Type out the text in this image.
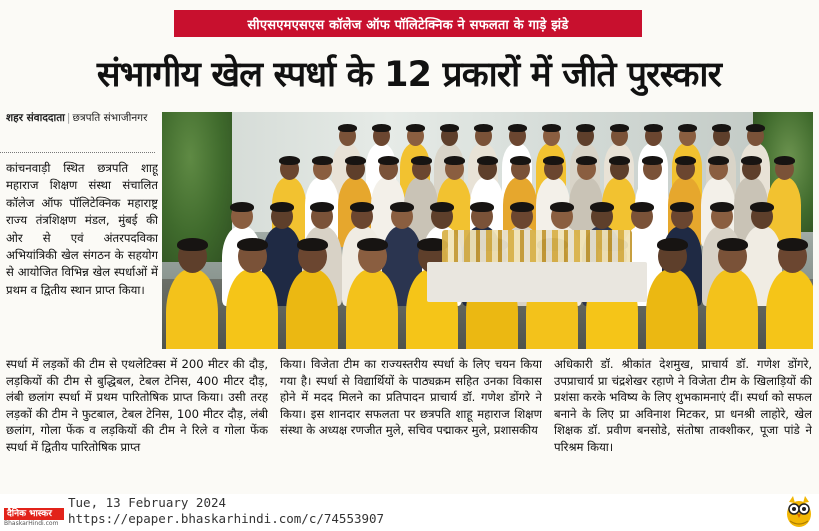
सीएसएमएसएस कॉलेज ऑफ पॉलिटेक्निक ने सफलता के गाड़े झंडे
संभागीय खेल स्पर्धा के 12 प्रकारों में जीते पुरस्कार
शहर संवाददाता | छत्रपति संभाजीनगर

कांचनवाड़ी स्थित छत्रपति शाहू महाराज शिक्षण संस्था संचालित कॉलेज ऑफ पॉलिटेक्निक महाराष्ट्र राज्य तंत्रशिक्षण मंडल, मुंबई की ओर से एवं अंतरपदविका अभियांत्रिकी खेल संगठन के सहयोग से आयोजित विभिन्न खेल स्पर्धाओं में प्रथम व द्वितीय स्थान प्राप्त किया।

स्पर्धा में लड़कों की टीम से एथलेटिक्स में 200 मीटर की दौड़, लड़कियों की टीम से बुद्धिबल, टेबल टेनिस, 400 मीटर दौड़, लंबी छलांग स्पर्धा में प्रथम पारितोषिक प्राप्त किया। उसी तरह लड़कों की टीम ने फुटबाल, टेबल टेनिस, 100 मीटर दौड़, लंबी छलांग, गोला फेंक व लड़कियों की टीम ने रिले व गोला फेंक स्पर्धा में द्वितीय पारितोषिक प्राप्त

किया। विजेता टीम का राज्यस्तरीय स्पर्धा के लिए चयन किया गया है। स्पर्धा से विद्यार्थियों के पाठ्यक्रम सहित उनका विकास होने में मदद मिलने का प्रतिपादन प्राचार्य डॉ. गणेश डोंगरे ने किया। इस शानदार सफलता पर छत्रपति शाहू महाराज शिक्षण संस्था के अध्यक्ष रणजीत मुले, सचिव पद्माकर मुले, प्रशासकीय

अधिकारी डॉ. श्रीकांत देशमुख, प्राचार्य डॉ. गणेश डोंगरे, उपप्राचार्य प्रा चंद्रशेखर रहाणे ने विजेता टीम के खिलाड़ियों की प्रशंसा करके भविष्य के लिए शुभकामनाएं दीं। स्पर्धा को सफल बनाने के लिए प्रा अविनाश मिटकर, प्रा धनश्री लाहोरे, खेल शिक्षक डॉ. प्रवीण बनसोडे, संतोषा ताक्शीकर, पूजा पांडे ने परिश्रम किया।

दैनिक भास्कर
BhaskarHindi.com
Tue, 13 February 2024
https://epaper.bhaskarhindi.com/c/74553907
